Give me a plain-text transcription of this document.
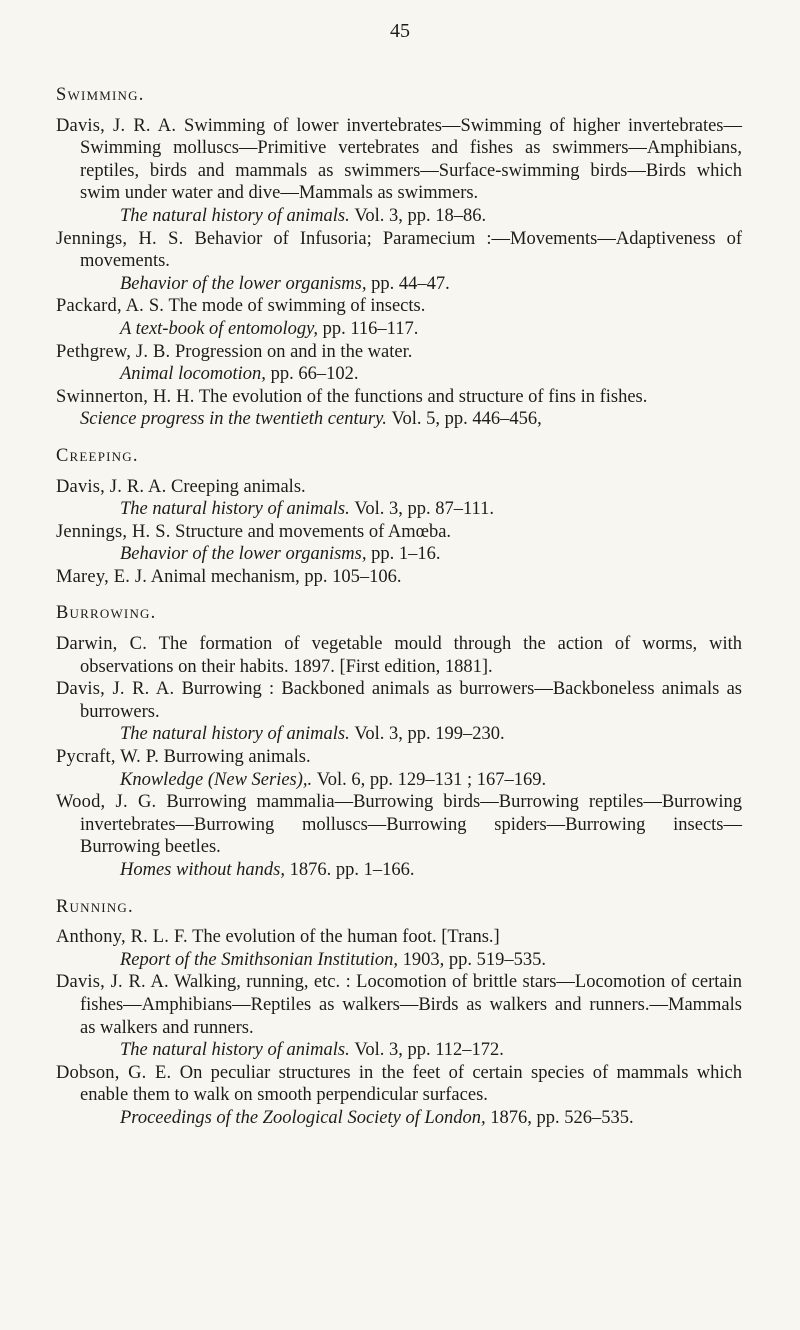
45
Swimming.
Davis, J. R. A. Swimming of lower invertebrates—Swimming of higher invertebrates—Swimming molluscs—Primitive vertebrates and fishes as swimmers—Amphibians, reptiles, birds and mammals as swimmers—Surface-swimming birds—Birds which swim under water and dive—Mammals as swimmers.
The natural history of animals. Vol. 3, pp. 18–86.
Jennings, H. S. Behavior of Infusoria; Paramecium :—Movements—Adaptiveness of movements.
Behavior of the lower organisms, pp. 44–47.
Packard, A. S. The mode of swimming of insects.
A text-book of entomology, pp. 116–117.
Pethgrew, J. B. Progression on and in the water.
Animal locomotion, pp. 66–102.
Swinnerton, H. H. The evolution of the functions and structure of fins in fishes.
Science progress in the twentieth century. Vol. 5, pp. 446–456,
Creeping.
Davis, J. R. A. Creeping animals.
The natural history of animals. Vol. 3, pp. 87–111.
Jennings, H. S. Structure and movements of Amœba.
Behavior of the lower organisms, pp. 1–16.
Marey, E. J. Animal mechanism, pp. 105–106.
Burrowing.
Darwin, C. The formation of vegetable mould through the action of worms, with observations on their habits. 1897. [First edition, 1881].
Davis, J. R. A. Burrowing : Backboned animals as burrowers—Backboneless animals as burrowers.
The natural history of animals. Vol. 3, pp. 199–230.
Pycraft, W. P. Burrowing animals.
Knowledge (New Series),. Vol. 6, pp. 129–131 ; 167–169.
Wood, J. G. Burrowing mammalia—Burrowing birds—Burrowing reptiles—Burrowing invertebrates—Burrowing molluscs—Burrowing spiders—Burrowing insects—Burrowing beetles.
Homes without hands, 1876. pp. 1–166.
Running.
Anthony, R. L. F. The evolution of the human foot. [Trans.]
Report of the Smithsonian Institution, 1903, pp. 519–535.
Davis, J. R. A. Walking, running, etc. : Locomotion of brittle stars—Locomotion of certain fishes—Amphibians—Reptiles as walkers—Birds as walkers and runners.—Mammals as walkers and runners.
The natural history of animals. Vol. 3, pp. 112–172.
Dobson, G. E. On peculiar structures in the feet of certain species of mammals which enable them to walk on smooth perpendicular surfaces.
Proceedings of the Zoological Society of London, 1876, pp. 526–535.
